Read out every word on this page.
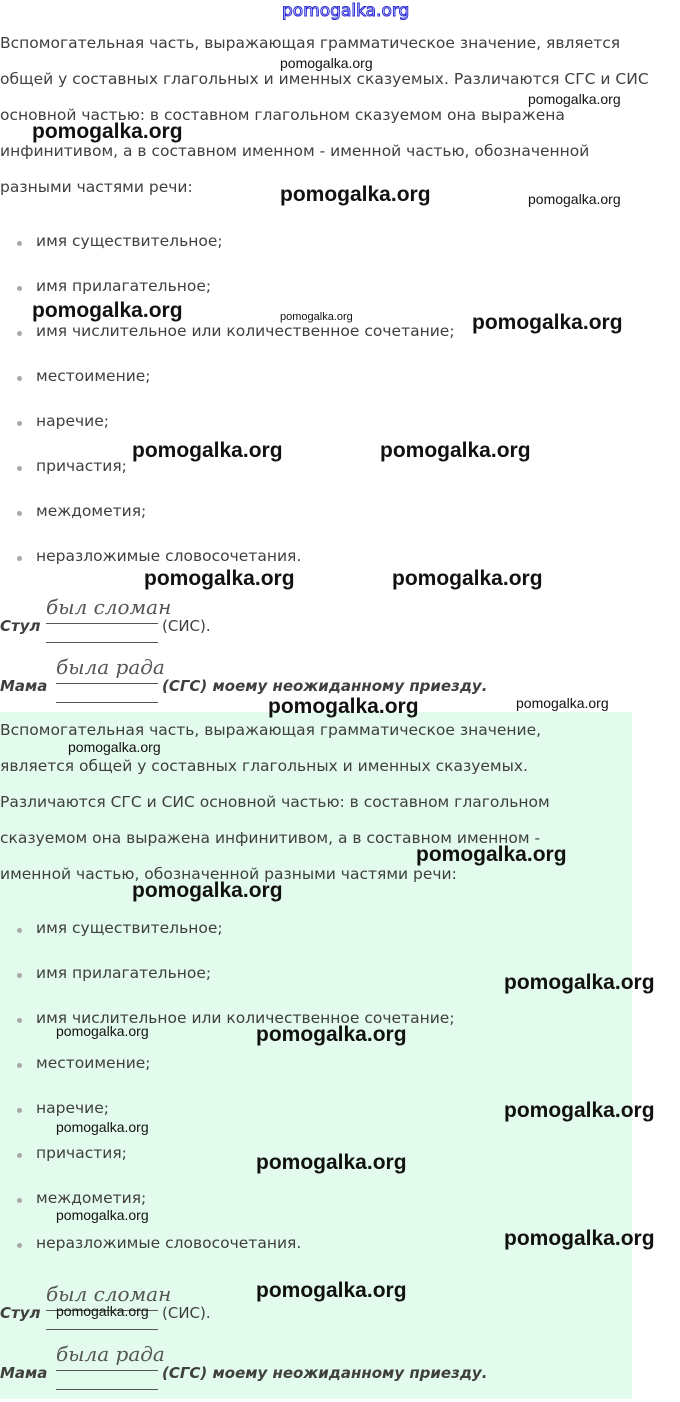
pomogalka.org
Вспомогательная часть, выражающая грамматическое значение, является
общей у составных глагольных и именных сказуемых. Различаются СГС и СИС
основной частью: в составном глагольном сказуемом она выражена
инфинитивом, а в составном именном - именной частью, обозначенной
разными частями речи:
имя существительное;
имя прилагательное;
имя числительное или количественное сочетание;
местоимение;
наречие;
причастия;
междометия;
неразложимые словосочетания.
Стул
был сломан
(СИС).
Мама
была рада
(СГС) моему неожиданному приезду.
Вспомогательная часть, выражающая грамматическое значение,
является общей у составных глагольных и именных сказуемых.
Различаются СГС и СИС основной частью: в составном глагольном
сказуемом она выражена инфинитивом, а в составном именном -
именной частью, обозначенной разными частями речи:
имя существительное;
имя прилагательное;
имя числительное или количественное сочетание;
местоимение;
наречие;
причастия;
междометия;
неразложимые словосочетания.
Стул
был сломан
(СИС).
Мама
была рада
(СГС) моему неожиданному приезду.
pomogalka.org
pomogalka.org
pomogalka.org
pomogalka.org	pomogalka.org
pomogalka.org	pomogalka.org	pomogalka.org
pomogalka.org	pomogalka.org
pomogalka.org	pomogalka.org
pomogalka.org	pomogalka.org
pomogalka.org
pomogalka.org
pomogalka.org
pomogalka.org
pomogalka.org	pomogalka.org
pomogalka.org
pomogalka.org
pomogalka.org
pomogalka.org
pomogalka.org
pomogalka.org
pomogalka.org
